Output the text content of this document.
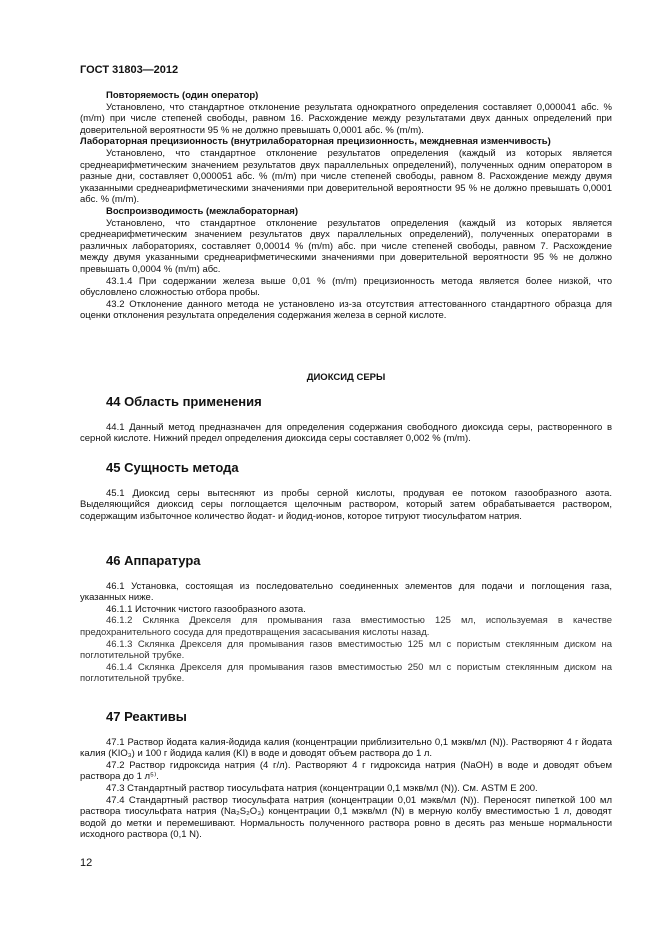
ГОСТ 31803—2012

Повторяемость (один оператор)

Установлено, что стандартное отклонение результата однократного определения составляет 0,000041 абс. % (m/m) при числе степеней свободы, равном 16. Расхождение между результатами двух данных определений при доверительной вероятности 95 % не должно превышать 0,0001 абс. % (m/m).

Лабораторная прецизионность (внутрилабораторная прецизионность, междневная изменчивость)

Установлено, что стандартное отклонение результатов определения (каждый из которых является среднеарифметическим значением результатов двух параллельных определений), полученных одним оператором в разные дни, составляет 0,000051 абс. % (m/m) при числе степеней свободы, равном 8. Расхождение между двумя указанными среднеарифметическими значениями при доверительной вероятности 95 % не должно превышать 0,0001 абс. % (m/m).

Воспроизводимость (межлабораторная)

Установлено, что стандартное отклонение результатов определения (каждый из которых является среднеарифметическим значением результатов двух параллельных определений), полученных операторами в различных лабораториях, составляет 0,00014 % (m/m) абс. при числе степеней свободы, равном 7. Расхождение между двумя указанными среднеарифметическими значениями при доверительной вероятности 95 % не должно превышать 0,0004 % (m/m) абс.

43.1.4 При содержании железа выше 0,01 % (m/m) прецизионность метода является более низкой, что обусловлено сложностью отбора пробы.

43.2 Отклонение данного метода не установлено из-за отсутствия аттестованного стандартного образца для оценки отклонения результата определения содержания железа в серной кислоте.

ДИОКСИД СЕРЫ
44 Область применения

44.1 Данный метод предназначен для определения содержания свободного диоксида серы, растворенного в серной кислоте. Нижний предел определения диоксида серы составляет 0,002 % (m/m).

45 Сущность метода

45.1 Диоксид серы вытесняют из пробы серной кислоты, продувая ее потоком газообразного азота. Выделяющийся диоксид серы поглощается щелочным раствором, который затем обрабатывается раствором, содержащим избыточное количество йодат- и йодид-ионов, которое титруют тиосульфатом натрия.

46 Аппаратура

46.1 Установка, состоящая из последовательно соединенных элементов для подачи и поглощения газа, указанных ниже.

46.1.1 Источник чистого газообразного азота.

46.1.2 Склянка Дрекселя для промывания газа вместимостью 125 мл, используемая в качестве предохранительного сосуда для предотвращения засасывания кислоты назад.

46.1.3 Склянка Дрекселя для промывания газов вместимостью 125 мл с пористым стеклянным диском на поглотительной трубке.

46.1.4 Склянка Дрекселя для промывания газов вместимостью 250 мл с пористым стеклянным диском на поглотительной трубке.

47 Реактивы

47.1 Раствор йодата калия-йодида калия (концентрации приблизительно 0,1 мэкв/мл (N)). Растворяют 4 г йодата калия (KIO₃) и 100 г йодида калия (KI) в воде и доводят объем раствора до 1 л.

47.2 Раствор гидроксида натрия (4 г/л). Растворяют 4 г гидроксида натрия (NaOH) в воде и доводят объем раствора до 1 л⁵⁾.

47.3 Стандартный раствор тиосульфата натрия (концентрации 0,1 мэкв/мл (N)). См. ASTM E 200.

47.4 Стандартный раствор тиосульфата натрия (концентрации 0,01 мэкв/мл (N)). Переносят пипеткой 100 мл раствора тиосульфата натрия (Na₂S₂O₃) концентрации 0,1 мэкв/мл (N) в мерную колбу вместимостью 1 л, доводят водой до метки и перемешивают. Нормальность полученного раствора ровно в десять раз меньше нормальности исходного раствора (0,1 N).

12
